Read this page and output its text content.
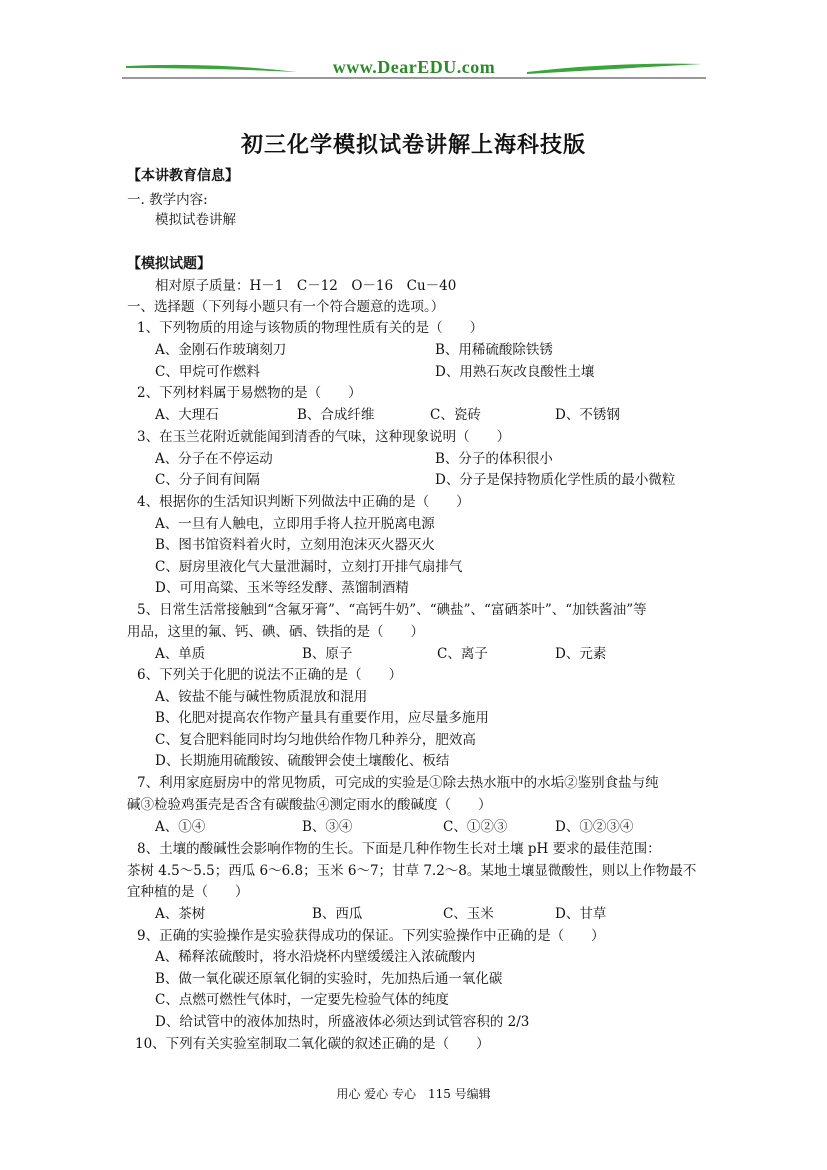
www.DearEDU.com
初三化学模拟试卷讲解上海科技版
【本讲教育信息】
一. 教学内容:
模拟试卷讲解
【模拟试题】
相对原子质量：H－1　C－12　O－16　Cu－40
一、选择题（下列每小题只有一个符合题意的选项。）
1、下列物质的用途与该物质的物理性质有关的是（　　）
A、金刚石作玻璃刻刀	B、用稀硫酸除铁锈
C、甲烷可作燃料	D、用熟石灰改良酸性土壤
2、下列材料属于易燃物的是（　　）
A、大理石	B、合成纤维	C、瓷砖	D、不锈钢
3、在玉兰花附近就能闻到清香的气味，这种现象说明（　　）
A、分子在不停运动	B、分子的体积很小
C、分子间有间隔	D、分子是保持物质化学性质的最小微粒
4、根据你的生活知识判断下列做法中正确的是（　　）
A、一旦有人触电，立即用手将人拉开脱离电源
B、图书馆资料着火时，立刻用泡沫灭火器灭火
C、厨房里液化气大量泄漏时，立刻打开排气扇排气
D、可用高粱、玉米等经发酵、蒸馏制酒精
5、日常生活常接触到“含氟牙膏”、“高钙牛奶”、“碘盐”、“富硒茶叶”、“加铁酱油”等
用品，这里的氟、钙、碘、硒、铁指的是（　　）
A、单质	B、原子	C、离子	D、元素
6、下列关于化肥的说法不正确的是（　　）
A、铵盐不能与碱性物质混放和混用
B、化肥对提高农作物产量具有重要作用，应尽量多施用
C、复合肥料能同时均匀地供给作物几种养分，肥效高
D、长期施用硫酸铵、硫酸钾会使土壤酸化、板结
7、利用家庭厨房中的常见物质，可完成的实验是①除去热水瓶中的水垢②鉴别食盐与纯
碱③检验鸡蛋壳是否含有碳酸盐④测定雨水的酸碱度（　　）
A、①④	B、③④	C、①②③	D、①②③④
8、土壤的酸碱性会影响作物的生长。下面是几种作物生长对土壤 pH 要求的最佳范围：
茶树 4.5～5.5；西瓜 6～6.8；玉米 6～7；甘草 7.2～8。某地土壤显微酸性，则以上作物最不
宜种植的是（　　）
A、茶树	B、西瓜	C、玉米	D、甘草
9、正确的实验操作是实验获得成功的保证。下列实验操作中正确的是（　　）
A、稀释浓硫酸时，将水沿烧杯内壁缓缓注入浓硫酸内
B、做一氧化碳还原氧化铜的实验时，先加热后通一氧化碳
C、点燃可燃性气体时，一定要先检验气体的纯度
D、给试管中的液体加热时，所盛液体必须达到试管容积的 2/3
10、下列有关实验室制取二氧化碳的叙述正确的是（　　）
用心 爱心 专心　115 号编辑
